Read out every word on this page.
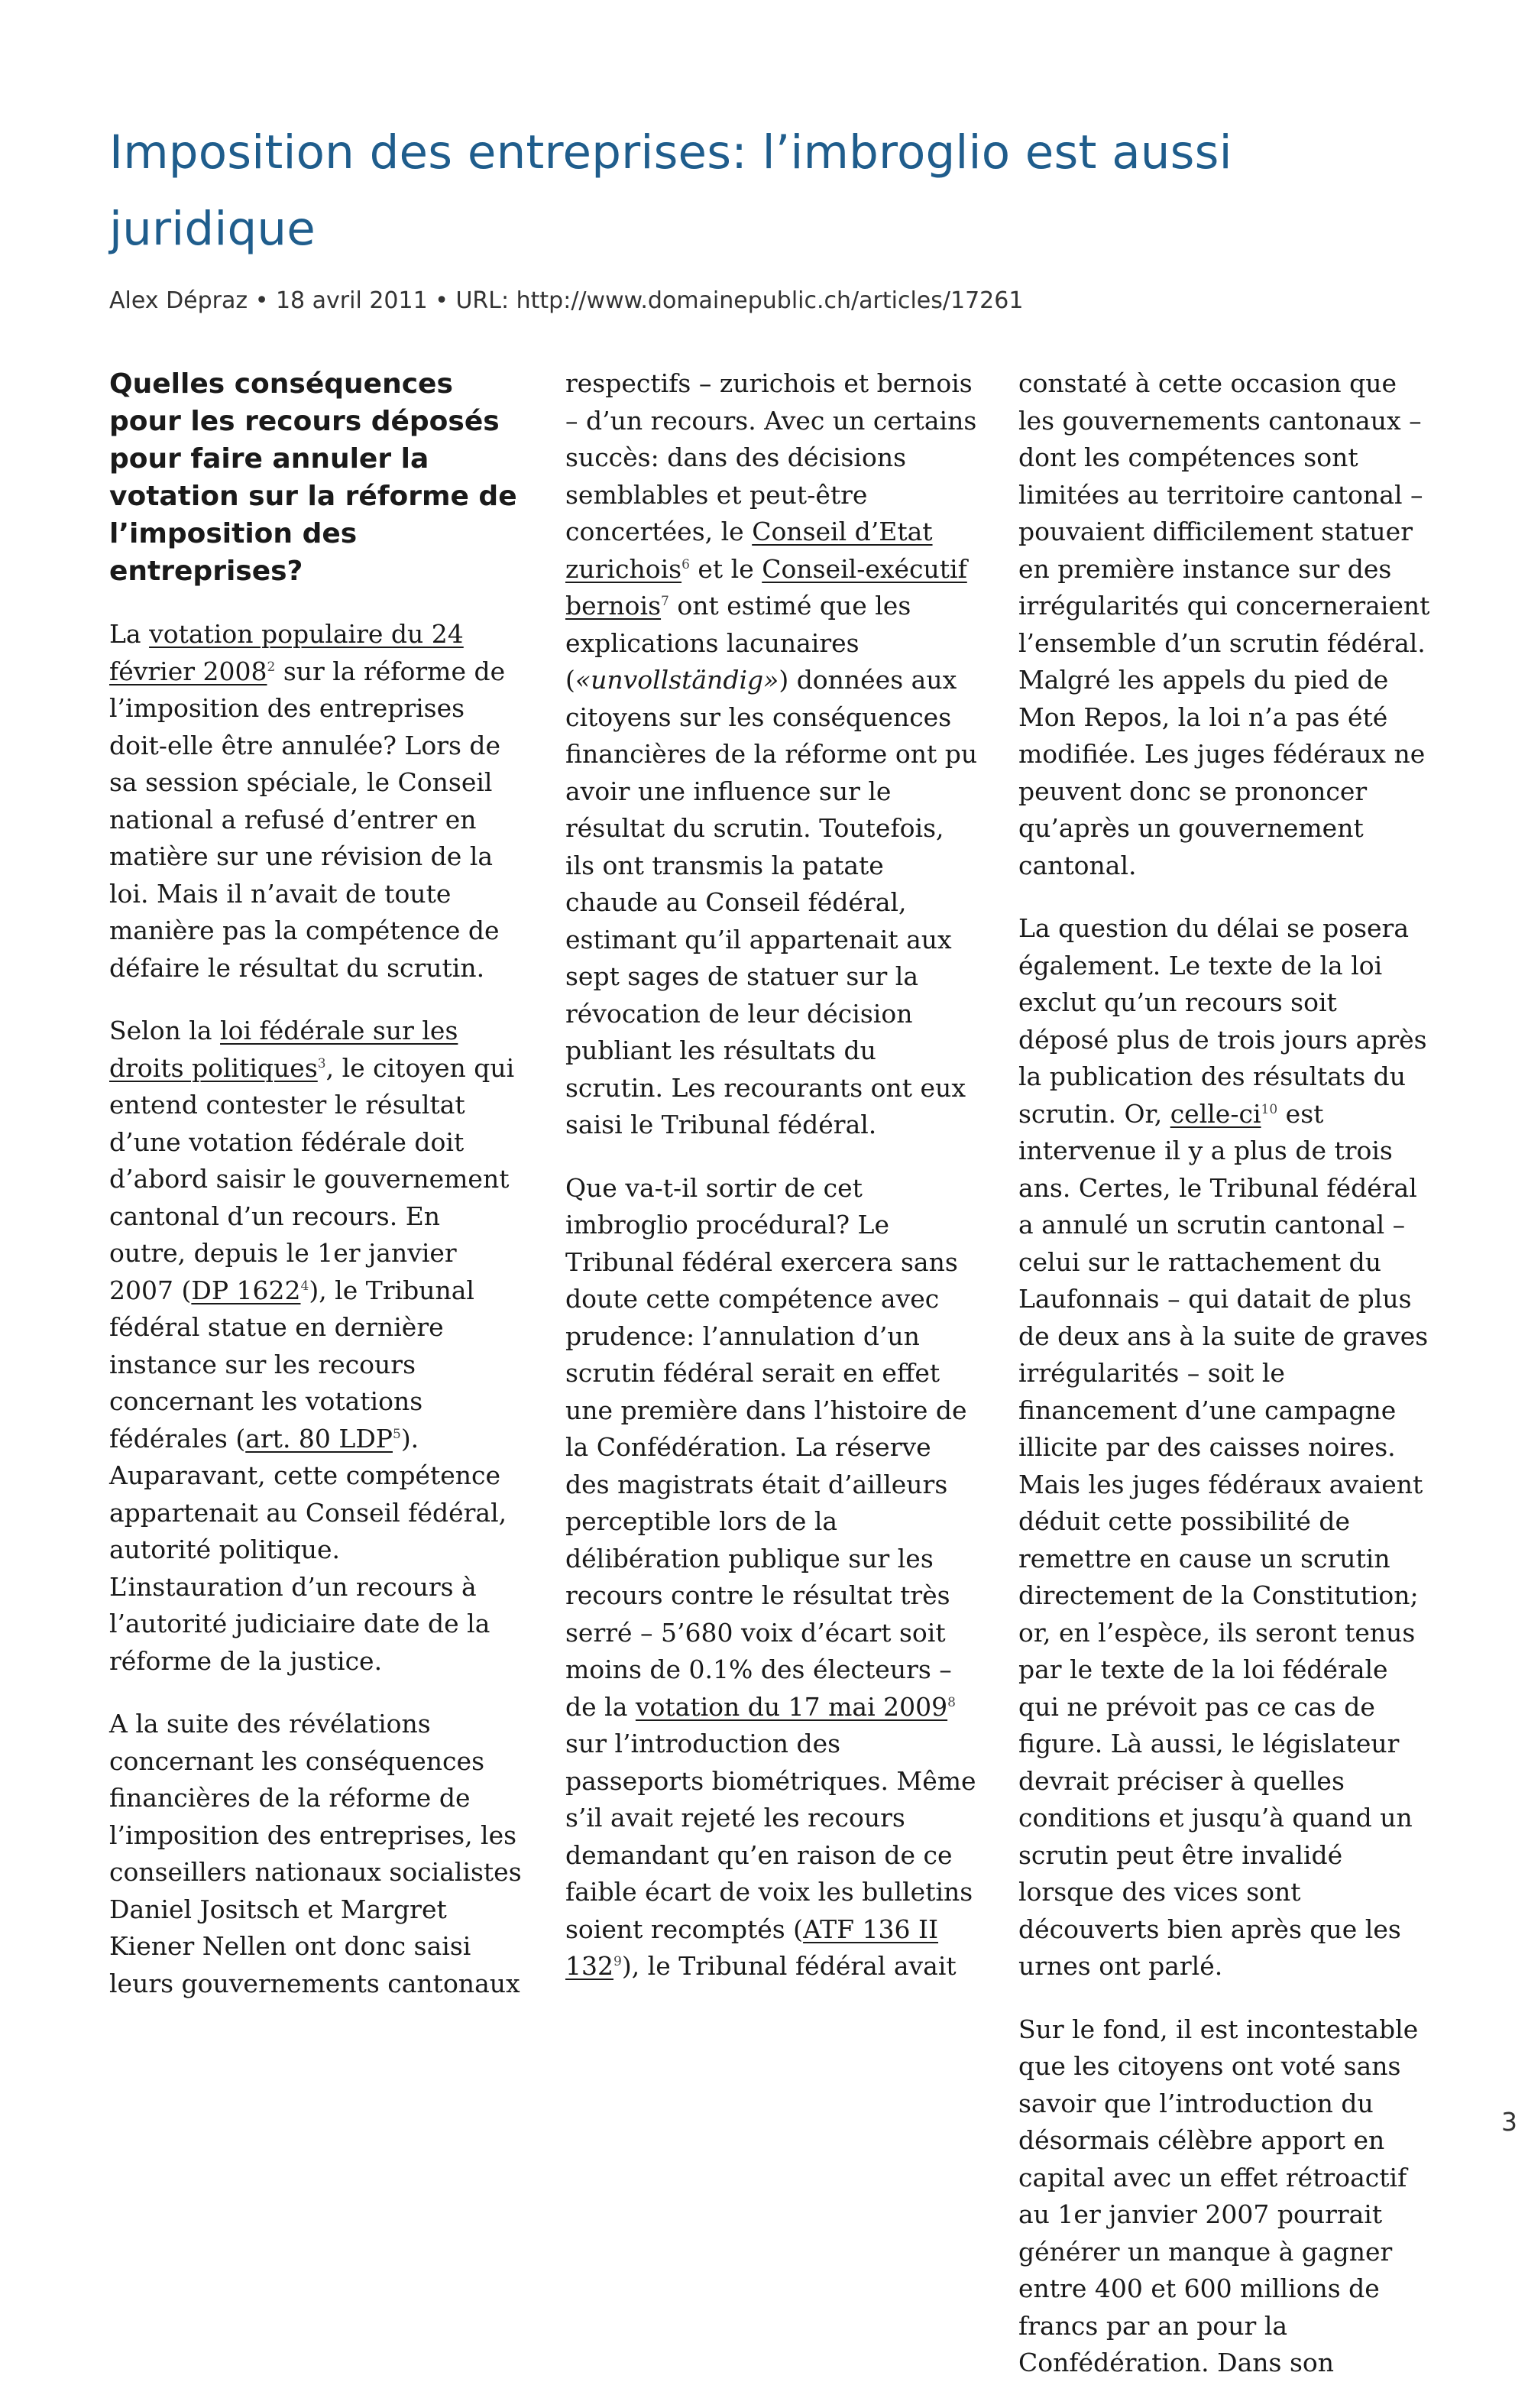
Imposition des entreprises: l’imbroglio est aussi juridique
Alex Dépraz • 18 avril 2011 • URL: http://www.domainepublic.ch/articles/17261

Quelles conséquences pour les recours déposés pour faire annuler la votation sur la réforme de l’imposition des entreprises?

La votation populaire du 24 février 2008$^2$ sur la réforme de l’imposition des entreprises doit-elle être annulée? Lors de sa session spéciale, le Conseil national a refusé d’entrer en matière sur une révision de la loi. Mais il n’avait de toute manière pas la compétence de défaire le résultat du scrutin.

Selon la loi fédérale sur les droits politiques$^3$, le citoyen qui entend contester le résultat d’une votation fédérale doit d’abord saisir le gouvernement cantonal d’un recours. En outre, depuis le 1er janvier 2007 (DP 1622$^4$), le Tribunal fédéral statue en dernière instance sur les recours concernant les votations fédérales (art. 80 LDP$^5$). Auparavant, cette compétence appartenait au Conseil fédéral, autorité politique. L’instauration d’un recours à l’autorité judiciaire date de la réforme de la justice.

A la suite des révélations concernant les conséquences financières de la réforme de l’imposition des entreprises, les conseillers nationaux socialistes Daniel Jositsch et Margret Kiener Nellen ont donc saisi leurs gouvernements cantonaux

respectifs – zurichois et bernois – d’un recours. Avec un certains succès: dans des décisions semblables et peut-être concertées, le Conseil d’Etat zurichois$^6$ et le Conseil-exécutif bernois$^7$ ont estimé que les explications lacunaires («unvollständig») données aux citoyens sur les conséquences financières de la réforme ont pu avoir une influence sur le résultat du scrutin. Toutefois, ils ont transmis la patate chaude au Conseil fédéral, estimant qu’il appartenait aux sept sages de statuer sur la révocation de leur décision publiant les résultats du scrutin. Les recourants ont eux saisi le Tribunal fédéral.

Que va-t-il sortir de cet imbroglio procédural? Le Tribunal fédéral exercera sans doute cette compétence avec prudence: l’annulation d’un scrutin fédéral serait en effet une première dans l’histoire de la Confédération. La réserve des magistrats était d’ailleurs perceptible lors de la délibération publique sur les recours contre le résultat très serré – 5’680 voix d’écart soit moins de 0.1% des électeurs – de la votation du 17 mai 2009$^8$ sur l’introduction des passeports biométriques. Même s’il avait rejeté les recours demandant qu’en raison de ce faible écart de voix les bulletins soient recomptés (ATF 136 II $132^9$), le Tribunal fédéral avait

constaté à cette occasion que les gouvernements cantonaux – dont les compétences sont limitées au territoire cantonal – pouvaient difficilement statuer en première instance sur des irrégularités qui concerneraient l’ensemble d’un scrutin fédéral. Malgré les appels du pied de Mon Repos, la loi n’a pas été modifiée. Les juges fédéraux ne peuvent donc se prononcer qu’après un gouvernement cantonal.

La question du délai se posera également. Le texte de la loi exclut qu’un recours soit déposé plus de trois jours après la publication des résultats du scrutin. Or, celle-$ci^{10}$ est intervenue il y a plus de trois ans. Certes, le Tribunal fédéral a annulé un scrutin cantonal – celui sur le rattachement du Laufonnais – qui datait de plus de deux ans à la suite de graves irrégularités – soit le financement d’une campagne illicite par des caisses noires. Mais les juges fédéraux avaient déduit cette possibilité de remettre en cause un scrutin directement de la Constitution; or, en l’espèce, ils seront tenus par le texte de la loi fédérale qui ne prévoit pas ce cas de figure. Là aussi, le législateur devrait préciser à quelles conditions et jusqu’à quand un scrutin peut être invalidé lorsque des vices sont découverts bien après que les urnes ont parlé.

Sur le fond, il est incontestable que les citoyens ont voté sans savoir que l’introduction du désormais célèbre apport en capital avec un effet rétroactif au 1er janvier 2007 pourrait générer un manque à gagner entre 400 et 600 millions de francs par an pour la Confédération. Dans son

3
